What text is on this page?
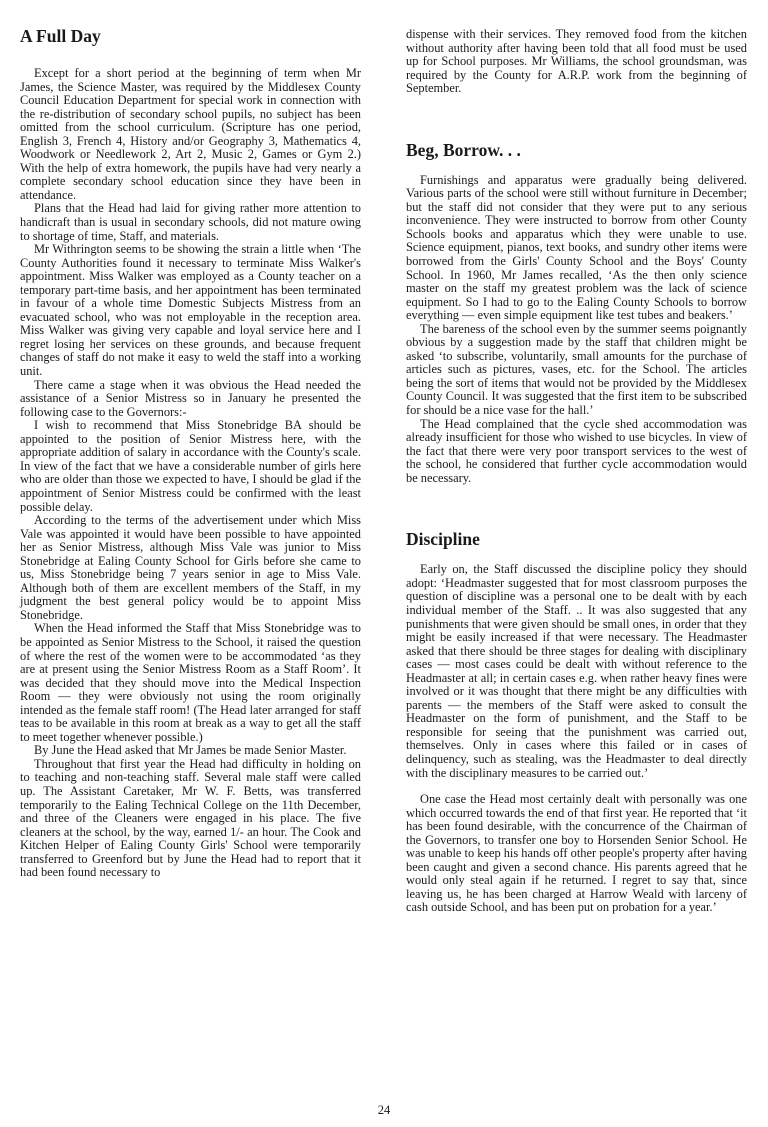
A Full Day

Except for a short period at the beginning of term when Mr James, the Science Master, was required by the Middlesex County Council Education Department for special work in connection with the re-distribution of secondary school pupils, no subject has been omitted from the school curriculum. (Scripture has one period, English 3, French 4, History and/or Geography 3, Mathematics 4, Woodwork or Needlework 2, Art 2, Music 2, Games or Gym 2.) With the help of extra homework, the pupils have had very nearly a complete secondary school education since they have been in attendance.

Plans that the Head had laid for giving rather more attention to handicraft than is usual in secondary schools, did not mature owing to shortage of time, Staff, and materials.

Mr Withrington seems to be showing the strain a little when ‘The County Authorities found it necessary to terminate Miss Walker's appointment. Miss Walker was employed as a County teacher on a temporary part-time basis, and her appointment has been terminated in favour of a whole time Domestic Subjects Mistress from an evacuated school, who was not employable in the reception area. Miss Walker was giving very capable and loyal service here and I regret losing her services on these grounds, and because frequent changes of staff do not make it easy to weld the staff into a working unit.

There came a stage when it was obvious the Head needed the assistance of a Senior Mistress so in January he presented the following case to the Governors:-

I wish to recommend that Miss Stonebridge BA should be appointed to the position of Senior Mistress here, with the appropriate addition of salary in accordance with the County's scale. In view of the fact that we have a considerable number of girls here who are older than those we expected to have, I should be glad if the appointment of Senior Mistress could be confirmed with the least possible delay.

According to the terms of the advertisement under which Miss Vale was appointed it would have been possible to have appointed her as Senior Mistress, although Miss Vale was junior to Miss Stonebridge at Ealing County School for Girls before she came to us, Miss Stonebridge being 7 years senior in age to Miss Vale. Although both of them are excellent members of the Staff, in my judgment the best general policy would be to appoint Miss Stonebridge.

When the Head informed the Staff that Miss Stonebridge was to be appointed as Senior Mistress to the School, it raised the question of where the rest of the women were to be accommodated ‘as they are at present using the Senior Mistress Room as a Staff Room’. It was decided that they should move into the Medical Inspection Room — they were obviously not using the room originally intended as the female staff room! (The Head later arranged for staff teas to be available in this room at break as a way to get all the staff to meet together whenever possible.)

By June the Head asked that Mr James be made Senior Master.

Throughout that first year the Head had difficulty in holding on to teaching and non-teaching staff. Several male staff were called up. The Assistant Caretaker, Mr W. F. Betts, was transferred temporarily to the Ealing Technical College on the 11th December, and three of the Cleaners were engaged in his place. The five cleaners at the school, by the way, earned 1/- an hour. The Cook and Kitchen Helper of Ealing County Girls' School were temporarily transferred to Greenford but by June the Head had to report that it had been found necessary to

dispense with their services. They removed food from the kitchen without authority after having been told that all food must be used up for School purposes. Mr Williams, the school groundsman, was required by the County for A.R.P. work from the beginning of September.

Beg, Borrow. . .

Furnishings and apparatus were gradually being delivered. Various parts of the school were still without furniture in December; but the staff did not consider that they were put to any serious inconvenience. They were instructed to borrow from other County Schools books and apparatus which they were unable to use. Science equipment, pianos, text books, and sundry other items were borrowed from the Girls' County School and the Boys' County School. In 1960, Mr James recalled, ‘As the then only science master on the staff my greatest problem was the lack of science equipment. So I had to go to the Ealing County Schools to borrow everything — even simple equipment like test tubes and beakers.’

The bareness of the school even by the summer seems poignantly obvious by a suggestion made by the staff that children might be asked ‘to subscribe, voluntarily, small amounts for the purchase of articles such as pictures, vases, etc. for the School. The articles being the sort of items that would not be provided by the Middlesex County Council. It was suggested that the first item to be subscribed for should be a nice vase for the hall.’

The Head complained that the cycle shed accommodation was already insufficient for those who wished to use bicycles. In view of the fact that there were very poor transport services to the west of the school, he considered that further cycle accommodation would be necessary.

Discipline

Early on, the Staff discussed the discipline policy they should adopt: ‘Headmaster suggested that for most classroom purposes the question of discipline was a personal one to be dealt with by each individual member of the Staff. .. It was also suggested that any punishments that were given should be small ones, in order that they might be easily increased if that were necessary. The Headmaster asked that there should be three stages for dealing with disciplinary cases — most cases could be dealt with without reference to the Headmaster at all; in certain cases e.g. when rather heavy fines were involved or it was thought that there might be any difficulties with parents — the members of the Staff were asked to consult the Headmaster on the form of punishment, and the Staff to be responsible for seeing that the punishment was carried out, themselves. Only in cases where this failed or in cases of delinquency, such as stealing, was the Headmaster to deal directly with the disciplinary measures to be carried out.’

One case the Head most certainly dealt with personally was one which occurred towards the end of that first year. He reported that ‘it has been found desirable, with the concurrence of the Chairman of the Governors, to transfer one boy to Horsenden Senior School. He was unable to keep his hands off other people's property after having been caught and given a second chance. His parents agreed that he would only steal again if he returned. I regret to say that, since leaving us, he has been charged at Harrow Weald with larceny of cash outside School, and has been put on probation for a year.’

24
